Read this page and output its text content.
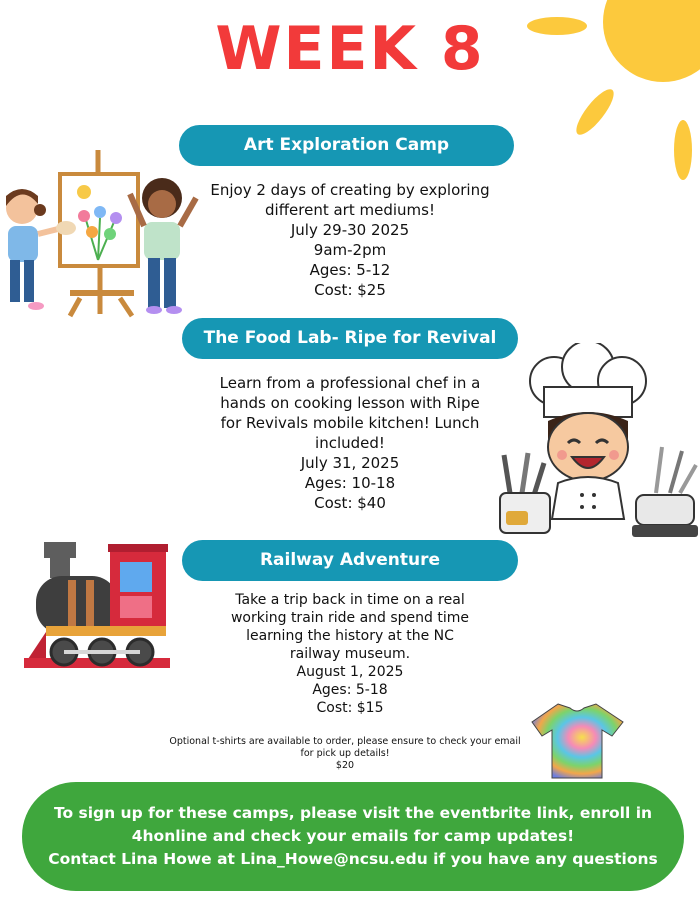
WEEK 8
Art Exploration Camp
Enjoy 2 days of creating by exploring
different art mediums!
July 29-30 2025
9am-2pm
Ages: 5-12
Cost: $25
The Food Lab- Ripe for Revival
Learn from a professional chef in a
hands on cooking lesson with Ripe
for Revivals mobile kitchen! Lunch
included!
July 31, 2025
Ages: 10-18
Cost: $40
Railway Adventure
Take a trip back in time on a real
working train ride and spend time
learning the history at the NC
railway museum.
August 1, 2025
Ages: 5-18
Cost: $15
Optional t-shirts are available to order, please ensure to check your email
for pick up details!
$20
To sign up for these camps, please visit the eventbrite link, enroll in
4honline and check your emails for camp updates!
Contact Lina Howe at Lina_Howe@ncsu.edu if you have any questions
